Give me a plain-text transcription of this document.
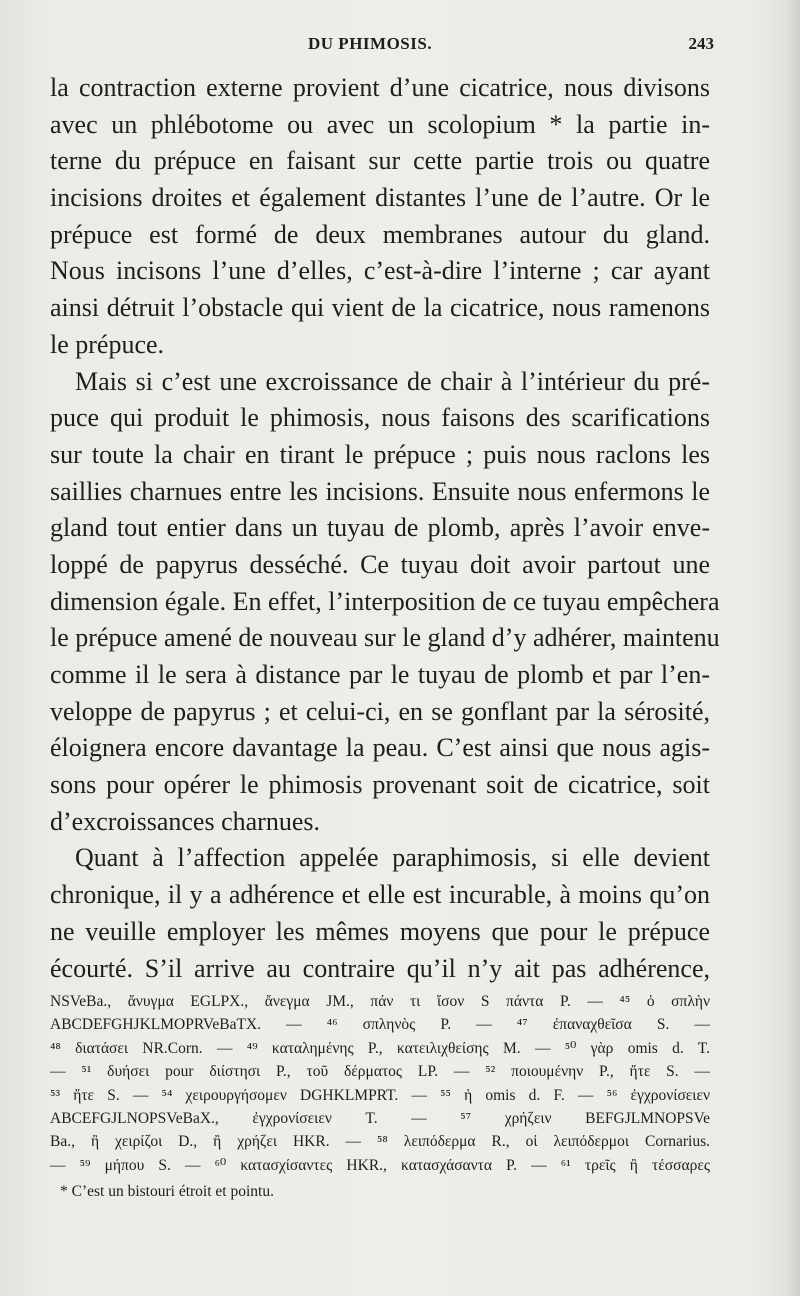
DU PHIMOSIS.	243
la contraction externe provient d’une cicatrice, nous divisons
avec un phlébotome ou avec un scolopium * la partie in-
terne du prépuce en faisant sur cette partie trois ou quatre
incisions droites et également distantes l’une de l’autre. Or le
prépuce est formé de deux membranes autour du gland.
Nous incisons l’une d’elles, c’est-à-dire l’interne ; car ayant
ainsi détruit l’obstacle qui vient de la cicatrice, nous ramenons
le prépuce.
Mais si c’est une excroissance de chair à l’intérieur du pré-
puce qui produit le phimosis, nous faisons des scarifications
sur toute la chair en tirant le prépuce ; puis nous raclons les
saillies charnues entre les incisions. Ensuite nous enfermons le
gland tout entier dans un tuyau de plomb, après l’avoir enve-
loppé de papyrus desséché. Ce tuyau doit avoir partout une
dimension égale. En effet, l’interposition de ce tuyau empêchera
le prépuce amené de nouveau sur le gland d’y adhérer, maintenu
comme il le sera à distance par le tuyau de plomb et par l’en-
veloppe de papyrus ; et celui-ci, en se gonflant par la sérosité,
éloignera encore davantage la peau. C’est ainsi que nous agis-
sons pour opérer le phimosis provenant soit de cicatrice, soit
d’excroissances charnues.
Quant à l’affection appelée paraphimosis, si elle devient
chronique, il y a adhérence et elle est incurable, à moins qu’on
ne veuille employer les mêmes moyens que pour le prépuce
écourté. S’il arrive au contraire qu’il n’y ait pas adhérence,
NSVeBa., ἄνυγμα EGLPX., ἄνεγμα JM., πάν τι ἴσον S πάντα P. — ⁴⁵ ὁ σπλὴν
ABCDEFGHJKLMOPRVeBaTX. — ⁴⁶ σπληνὸς P. — ⁴⁷ ἐπαναχθεῖσα S. —
⁴⁸ διατάσει NR.Corn. — ⁴⁹ καταλημένης P., κατειλιχθείσης M. — ⁵⁰ γὰρ omis d. T.
— ⁵¹ δυήσει pour διίστησι P., τοῦ δέρματος LP. — ⁵² ποιουμένην P., ἤτε S. —
⁵³ ἤτε S. — ⁵⁴ χειρουργήσομεν DGHKLMPRT. — ⁵⁵ ἡ omis d. F. — ⁵⁶ ἐγχρονίσειεν
ABCEFGJLNOPSVeBaX., ἐγχρονίσειεν T. — ⁵⁷ χρήζειν BEFGJLMNOPSVe
Ba., ἢ χειρίζοι D., ἢ χρήζει HKR. — ⁵⁸ λειπόδερμα R., οἱ λειπόδερμοι Cornarius.
— ⁵⁹ μήπου S. — ⁶⁰ κατασχίσαντες HKR., κατασχάσαντα P. — ⁶¹ τρεῖς ἢ τέσσαρες
* C’est un bistouri étroit et pointu.
